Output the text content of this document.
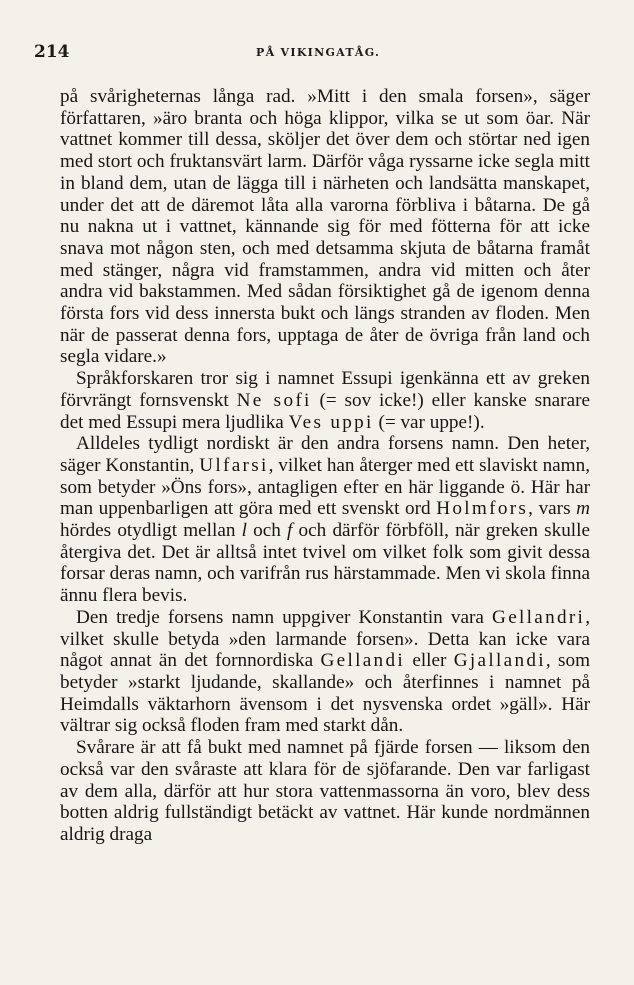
214	PÅ VIKINGATÅG.

på svårigheternas långa rad. »Mitt i den smala forsen», säger författaren, »äro branta och höga klippor, vilka se ut som öar. När vattnet kommer till dessa, sköljer det över dem och störtar ned igen med stort och fruktansvärt larm. Därför våga ryssarne icke segla mitt in bland dem, utan de lägga till i närheten och landsätta manskapet, under det att de däremot låta alla varorna förbliva i båtarna. De gå nu nakna ut i vattnet, kännande sig för med fötterna för att icke snava mot någon sten, och med detsamma skjuta de båtarna framåt med stänger, några vid framstammen, andra vid mitten och åter andra vid bakstammen. Med sådan försiktighet gå de igenom denna första fors vid dess innersta bukt och längs stranden av floden. Men när de passerat denna fors, upptaga de åter de övriga från land och segla vidare.»

Språkforskaren tror sig i namnet Essupi igenkänna ett av greken förvrängt fornsvenskt Ne sofi (= sov icke!) eller kanske snarare det med Essupi mera ljudlika Ves uppi (= var uppe!).

Alldeles tydligt nordiskt är den andra forsens namn. Den heter, säger Konstantin, Ulfarsi, vilket han återger med ett slaviskt namn, som betyder »Öns fors», antagligen efter en här liggande ö. Här har man uppenbarligen att göra med ett svenskt ord Holmfors, vars m hördes otydligt mellan l och f och därför förbföll, när greken skulle återgiva det. Det är alltså intet tvivel om vilket folk som givit dessa forsar deras namn, och varifrån rus härstammade. Men vi skola finna ännu flera bevis.

Den tredje forsens namn uppgiver Konstantin vara Gellandri, vilket skulle betyda »den larmande forsen». Detta kan icke vara något annat än det fornnordiska Gellandi eller Gjallandi, som betyder »starkt ljudande, skallande» och återfinnes i namnet på Heimdalls väktarhorn ävensom i det nysvenska ordet »gäll». Här vältrar sig också floden fram med starkt dån.

Svårare är att få bukt med namnet på fjärde forsen — liksom den också var den svåraste att klara för de sjöfarande. Den var farligast av dem alla, därför att hur stora vattenmassorna än voro, blev dess botten aldrig fullständigt betäckt av vattnet. Här kunde nordmännen aldrig draga
